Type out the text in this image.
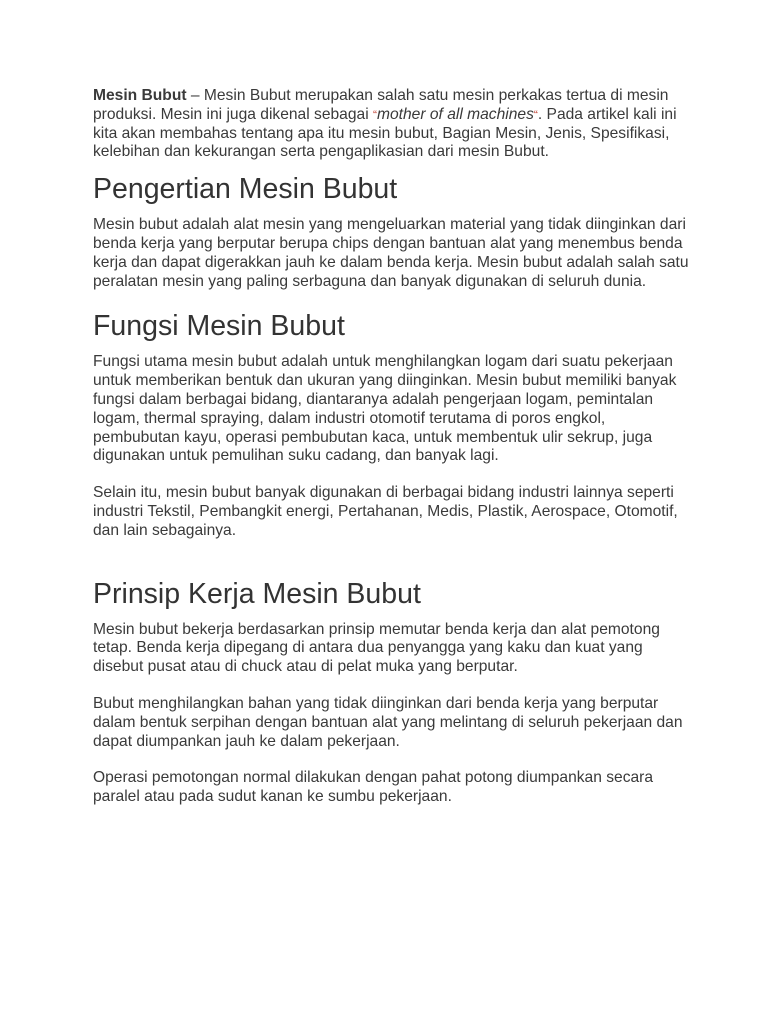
Mesin Bubut – Mesin Bubut merupakan salah satu mesin perkakas tertua di mesin produksi. Mesin ini juga dikenal sebagai “mother of all machines“. Pada artikel kali ini kita akan membahas tentang apa itu mesin bubut, Bagian Mesin, Jenis, Spesifikasi, kelebihan dan kekurangan serta pengaplikasian dari mesin Bubut.

Pengertian Mesin Bubut

Mesin bubut adalah alat mesin yang mengeluarkan material yang tidak diinginkan dari benda kerja yang berputar berupa chips dengan bantuan alat yang menembus benda kerja dan dapat digerakkan jauh ke dalam benda kerja. Mesin bubut adalah salah satu peralatan mesin yang paling serbaguna dan banyak digunakan di seluruh dunia.

Fungsi Mesin Bubut

Fungsi utama mesin bubut adalah untuk menghilangkan logam dari suatu pekerjaan untuk memberikan bentuk dan ukuran yang diinginkan. Mesin bubut memiliki banyak fungsi dalam berbagai bidang, diantaranya adalah pengerjaan logam, pemintalan logam, thermal spraying, dalam industri otomotif terutama di poros engkol, pembubutan kayu, operasi pembubutan kaca, untuk membentuk ulir sekrup, juga digunakan untuk pemulihan suku cadang, dan banyak lagi.

Selain itu, mesin bubut banyak digunakan di berbagai bidang industri lainnya seperti industri Tekstil, Pembangkit energi, Pertahanan, Medis, Plastik, Aerospace, Otomotif, dan lain sebagainya.

Prinsip Kerja Mesin Bubut

Mesin bubut bekerja berdasarkan prinsip memutar benda kerja dan alat pemotong tetap. Benda kerja dipegang di antara dua penyangga yang kaku dan kuat yang disebut pusat atau di chuck atau di pelat muka yang berputar.

Bubut menghilangkan bahan yang tidak diinginkan dari benda kerja yang berputar dalam bentuk serpihan dengan bantuan alat yang melintang di seluruh pekerjaan dan dapat diumpankan jauh ke dalam pekerjaan.

Operasi pemotongan normal dilakukan dengan pahat potong diumpankan secara paralel atau pada sudut kanan ke sumbu pekerjaan.
